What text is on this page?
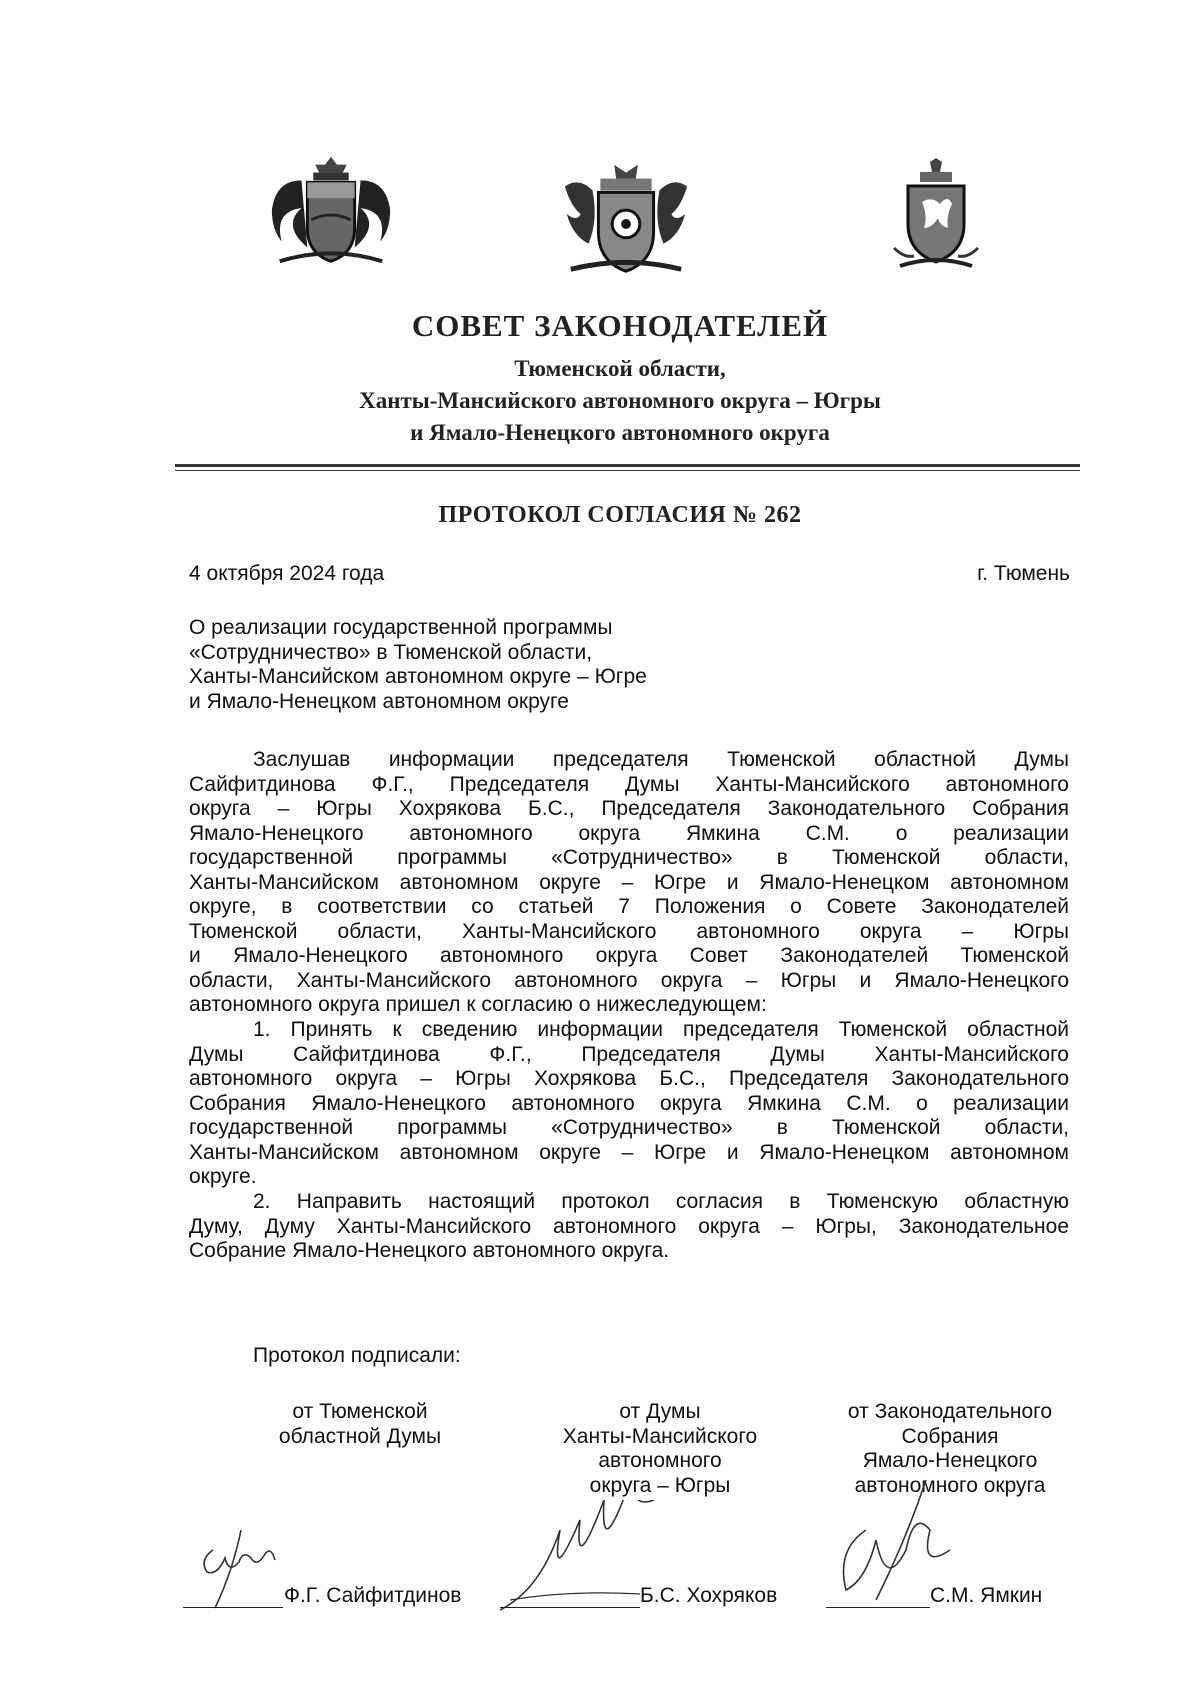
СОВЕТ ЗАКОНОДАТЕЛЕЙ
Тюменской области,
Ханты-Мансийского автономного округа – Югры
и Ямало-Ненецкого автономного округа
ПРОТОКОЛ СОГЛАСИЯ № 262
4 октября 2024 года	г. Тюмень
О реализации государственной программы
«Сотрудничество» в Тюменской области,
Ханты-Мансийском автономном округе – Югре
и Ямало-Ненецком автономном округе
Заслушав информации председателя Тюменской областной Думы
Сайфитдинова Ф.Г., Председателя Думы Ханты-Мансийского автономного
округа – Югры Хохрякова Б.С., Председателя Законодательного Собрания
Ямало-Ненецкого автономного округа Ямкина С.М. о реализации
государственной программы «Сотрудничество» в Тюменской области,
Ханты-Мансийском автономном округе – Югре и Ямало-Ненецком автономном
округе, в соответствии со статьей 7 Положения о Совете Законодателей
Тюменской области, Ханты-Мансийского автономного округа – Югры
и Ямало-Ненецкого автономного округа Совет Законодателей Тюменской
области, Ханты-Мансийского автономного округа – Югры и Ямало-Ненецкого
автономного округа пришел к согласию о нижеследующем:
1. Принять к сведению информации председателя Тюменской областной
Думы Сайфитдинова Ф.Г., Председателя Думы Ханты-Мансийского
автономного округа – Югры Хохрякова Б.С., Председателя Законодательного
Собрания Ямало-Ненецкого автономного округа Ямкина С.М. о реализации
государственной программы «Сотрудничество» в Тюменской области,
Ханты-Мансийском автономном округе – Югре и Ямало-Ненецком автономном
округе.
2. Направить настоящий протокол согласия в Тюменскую областную
Думу, Думу Ханты-Мансийского автономного округа – Югры, Законодательное
Собрание Ямало-Ненецкого автономного округа.
Протокол подписали:
от Тюменской
областной Думы
Ф.Г. Сайфитдинов
от Думы
Ханты-Мансийского
автономного
округа – Югры
Б.С. Хохряков
от Законодательного
Собрания
Ямало-Ненецкого
автономного округа
С.М. Ямкин
